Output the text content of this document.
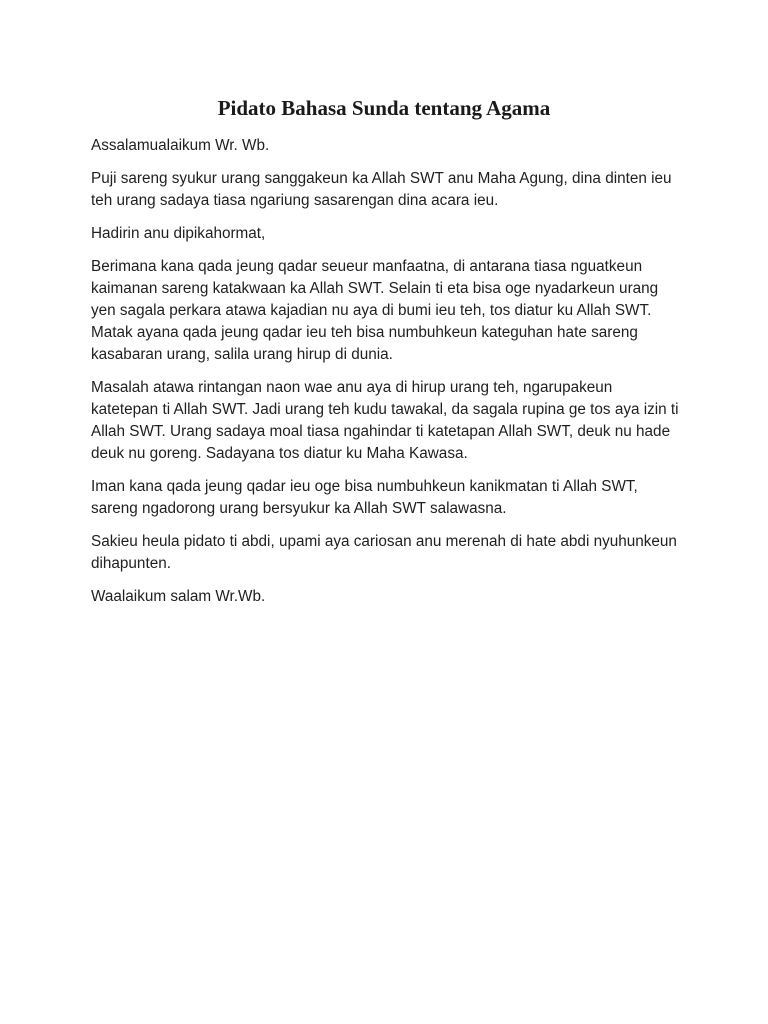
Pidato Bahasa Sunda tentang Agama

Assalamualaikum Wr. Wb.

Puji sareng syukur urang sanggakeun ka Allah SWT anu Maha Agung, dina dinten ieu teh urang sadaya tiasa ngariung sasarengan dina acara ieu.

Hadirin anu dipikahormat,

Berimana kana qada jeung qadar seueur manfaatna, di antarana tiasa nguatkeun kaimanan sareng katakwaan ka Allah SWT. Selain ti eta bisa oge nyadarkeun urang yen sagala perkara atawa kajadian nu aya di bumi ieu teh, tos diatur ku Allah SWT. Matak ayana qada jeung qadar ieu teh bisa numbuhkeun kateguhan hate sareng kasabaran urang, salila urang hirup di dunia.

Masalah atawa rintangan naon wae anu aya di hirup urang teh, ngarupakeun katetepan ti Allah SWT. Jadi urang teh kudu tawakal, da sagala rupina ge tos aya izin ti Allah SWT. Urang sadaya moal tiasa ngahindar ti katetapan Allah SWT, deuk nu hade deuk nu goreng. Sadayana tos diatur ku Maha Kawasa.

Iman kana qada jeung qadar ieu oge bisa numbuhkeun kanikmatan ti Allah SWT, sareng ngadorong urang bersyukur ka Allah SWT salawasna.

Sakieu heula pidato ti abdi, upami aya cariosan anu merenah di hate abdi nyuhunkeun dihapunten.

Waalaikum salam Wr.Wb.
